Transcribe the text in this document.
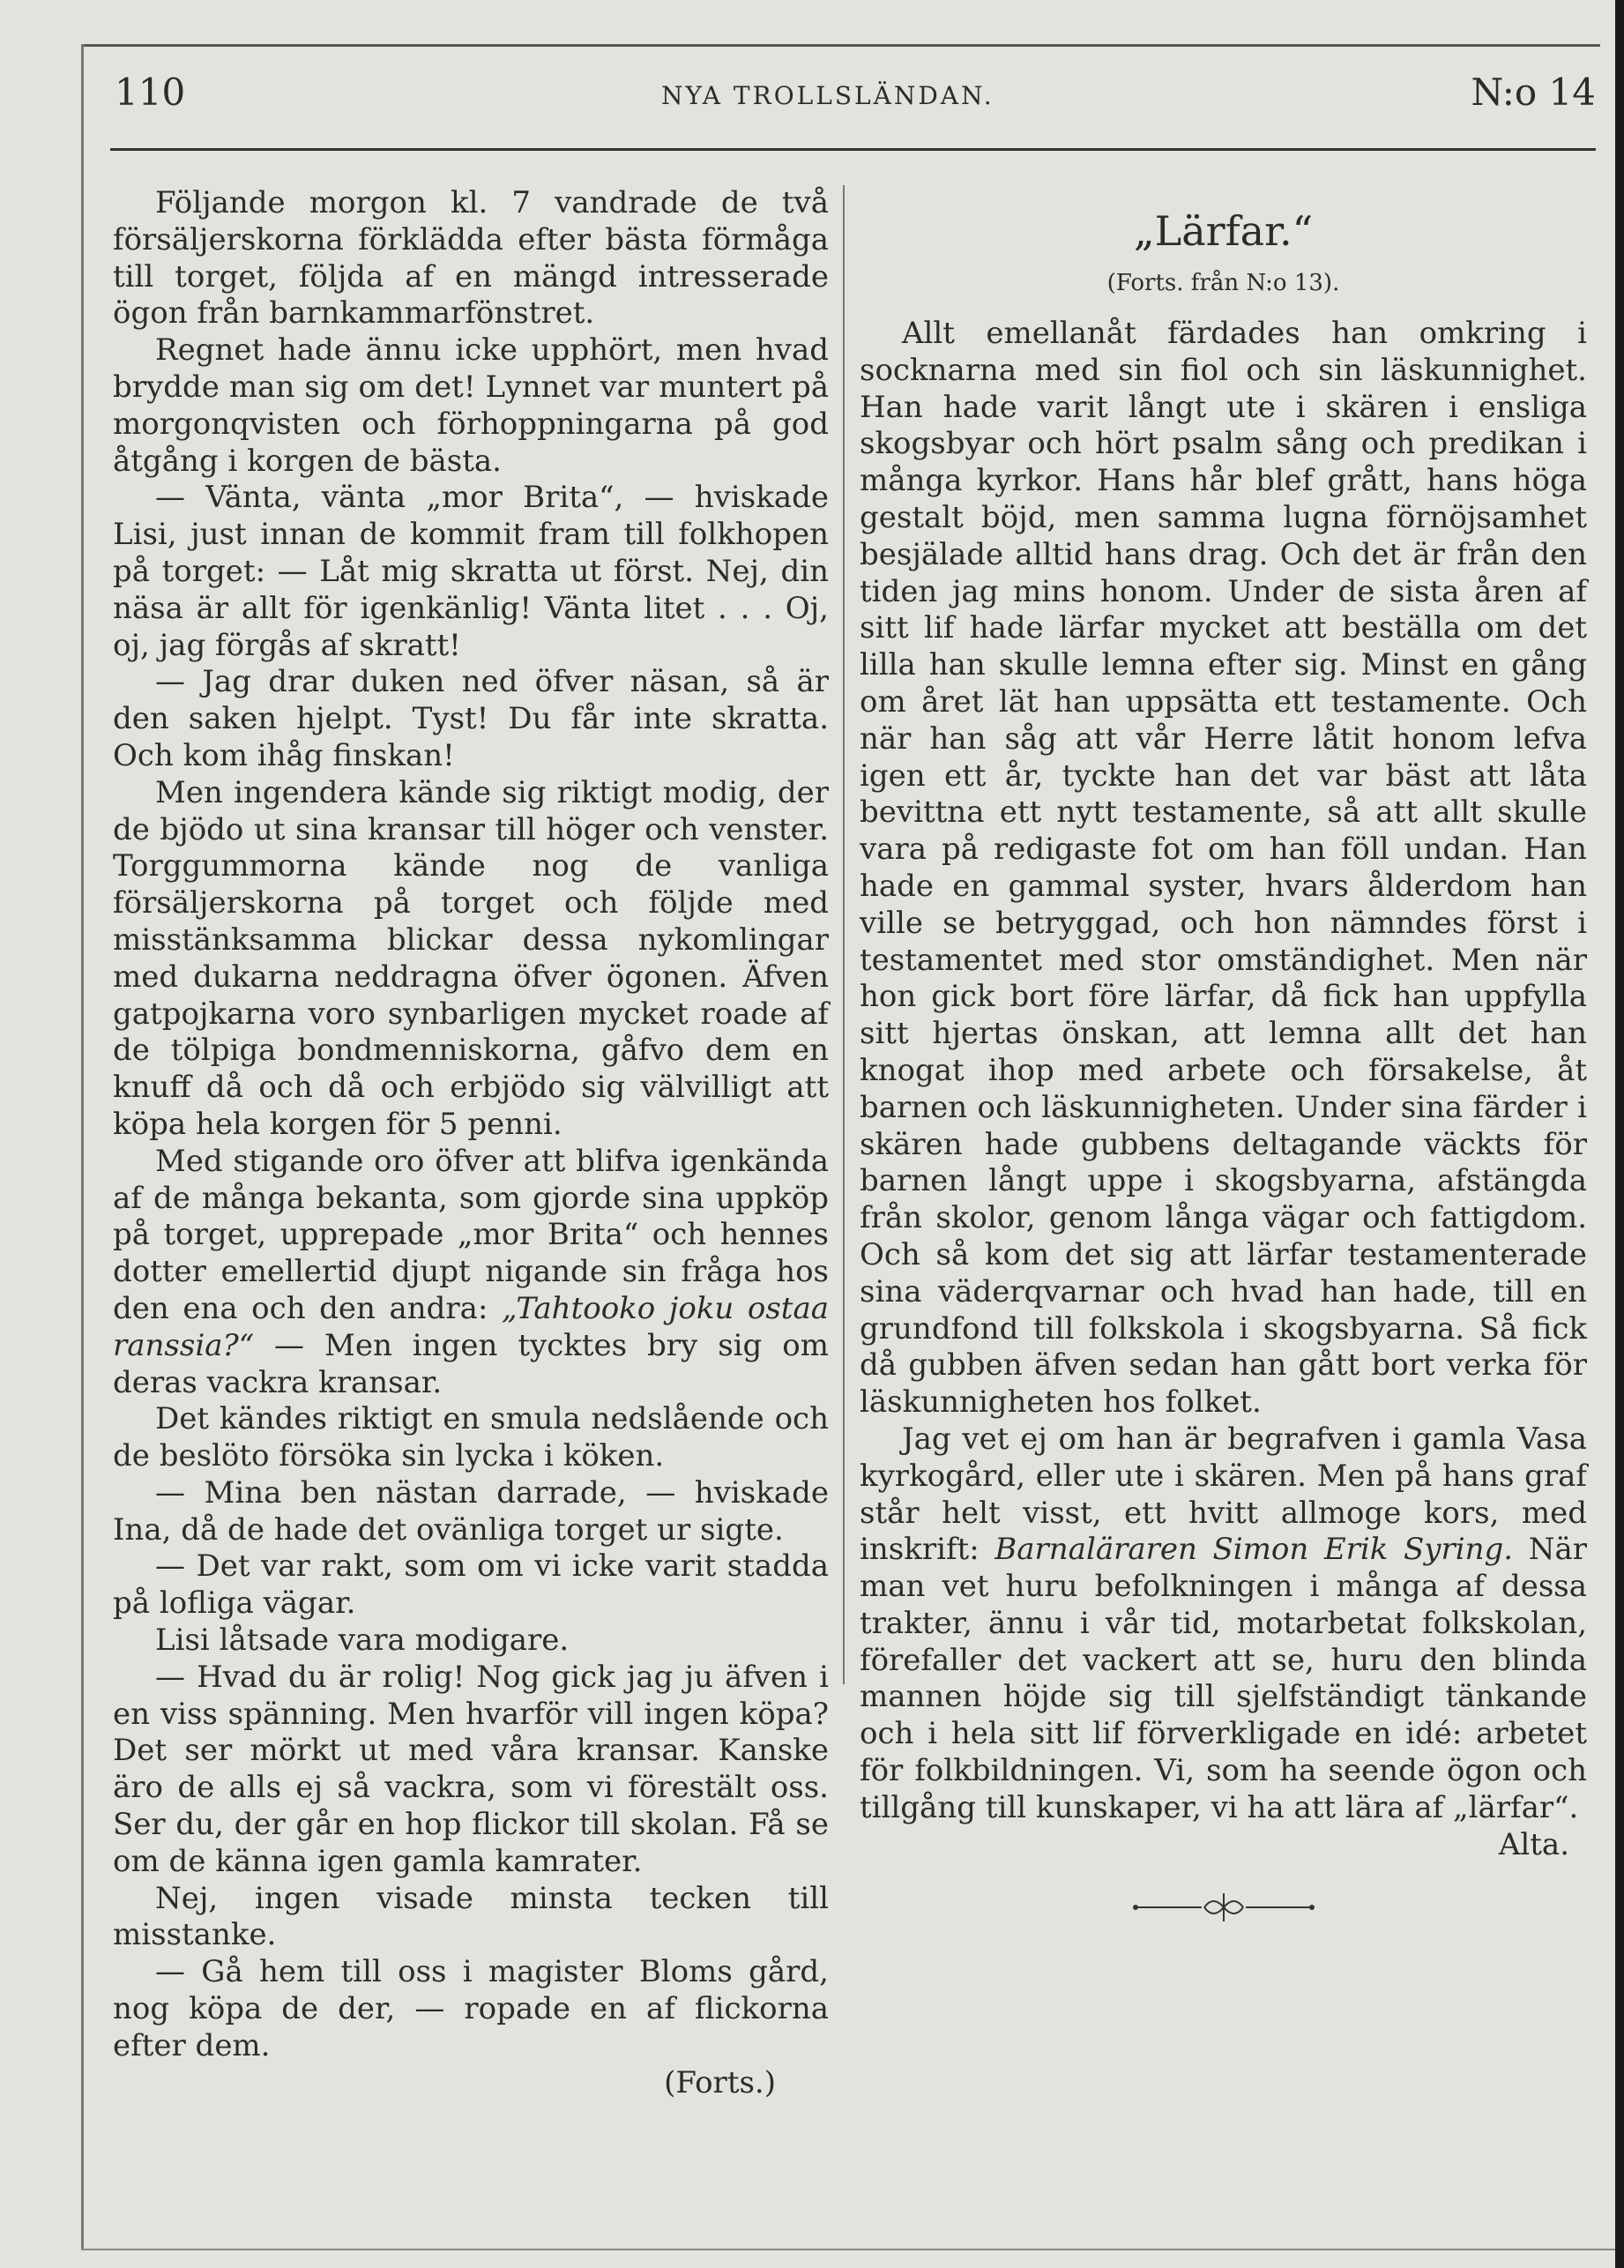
110	NYA TROLLSLÄNDAN.	N:o 14

Följande morgon kl. 7 vandrade de två försäljerskorna förklädda efter bästa förmåga till torget, följda af en mängd intresserade ögon från barnkammarfönstret.

Regnet hade ännu icke upphört, men hvad brydde man sig om det! Lynnet var muntert på morgonqvisten och förhoppningarna på god åtgång i korgen de bästa.

— Vänta, vänta „mor Brita“, — hviskade Lisi, just innan de kommit fram till folkhopen på torget: — Låt mig skratta ut först. Nej, din näsa är allt för igenkänlig! Vänta litet . . . Oj, oj, jag förgås af skratt!

— Jag drar duken ned öfver näsan, så är den saken hjelpt. Tyst! Du får inte skratta. Och kom ihåg finskan!

Men ingendera kände sig riktigt modig, der de bjödo ut sina kransar till höger och venster. Torggummorna kände nog de vanliga försäljerskorna på torget och följde med misstänksamma blickar dessa nykomlingar med dukarna neddragna öfver ögonen. Äfven gatpojkarna voro synbarligen mycket roade af de tölpiga bondmenniskorna, gåfvo dem en knuff då och då och erbjödo sig välvilligt att köpa hela korgen för 5 penni.

Med stigande oro öfver att blifva igenkända af de många bekanta, som gjorde sina uppköp på torget, upprepade „mor Brita“ och hennes dotter emellertid djupt nigande sin fråga hos den ena och den andra: „Tahtooko joku ostaa ranssia?“ — Men ingen tycktes bry sig om deras vackra kransar.

Det kändes riktigt en smula nedslående och de beslöto försöka sin lycka i köken.

— Mina ben nästan darrade, — hviskade Ina, då de hade det ovänliga torget ur sigte.

— Det var rakt, som om vi icke varit stadda på lofliga vägar.

Lisi låtsade vara modigare.

— Hvad du är rolig! Nog gick jag ju äfven i en viss spänning. Men hvarför vill ingen köpa? Det ser mörkt ut med våra kransar. Kanske äro de alls ej så vackra, som vi förestält oss. Ser du, der går en hop flickor till skolan. Få se om de känna igen gamla kamrater.

Nej, ingen visade minsta tecken till misstanke.

— Gå hem till oss i magister Bloms gård, nog köpa de der, — ropade en af flickorna efter dem.

(Forts.)
„Lärfar.“
(Forts. från N:o 13).

Allt emellanåt färdades han omkring i socknarna med sin fiol och sin läskunnighet. Han hade varit långt ute i skären i ensliga skogsbyar och hört psalm sång och predikan i många kyrkor. Hans hår blef grått, hans höga gestalt böjd, men samma lugna förnöjsamhet besjälade alltid hans drag. Och det är från den tiden jag mins honom. Under de sista åren af sitt lif hade lärfar mycket att beställa om det lilla han skulle lemna efter sig. Minst en gång om året lät han uppsätta ett testamente. Och när han såg att vår Herre låtit honom lefva igen ett år, tyckte han det var bäst att låta bevittna ett nytt testamente, så att allt skulle vara på redigaste fot om han föll undan. Han hade en gammal syster, hvars ålderdom han ville se betryggad, och hon nämndes först i testamentet med stor omständighet. Men när hon gick bort före lärfar, då fick han uppfylla sitt hjertas önskan, att lemna allt det han knogat ihop med arbete och försakelse, åt barnen och läskunnigheten. Under sina färder i skären hade gubbens deltagande väckts för barnen långt uppe i skogsbyarna, afstängda från skolor, genom långa vägar och fattigdom. Och så kom det sig att lärfar testamenterade sina väderqvarnar och hvad han hade, till en grundfond till folkskola i skogsbyarna. Så fick då gubben äfven sedan han gått bort verka för läskunnigheten hos folket.

Jag vet ej om han är begrafven i gamla Vasa kyrkogård, eller ute i skären. Men på hans graf står helt visst, ett hvitt allmoge kors, med inskrift: Barnaläraren Simon Erik Syring. När man vet huru befolkningen i många af dessa trakter, ännu i vår tid, motarbetat folkskolan, förefaller det vackert att se, huru den blinda mannen höjde sig till sjelfständigt tänkande och i hela sitt lif förverkligade en idé: arbetet för folkbildningen. Vi, som ha seende ögon och tillgång till kunskaper, vi ha att lära af „lärfar“.

Alta.
